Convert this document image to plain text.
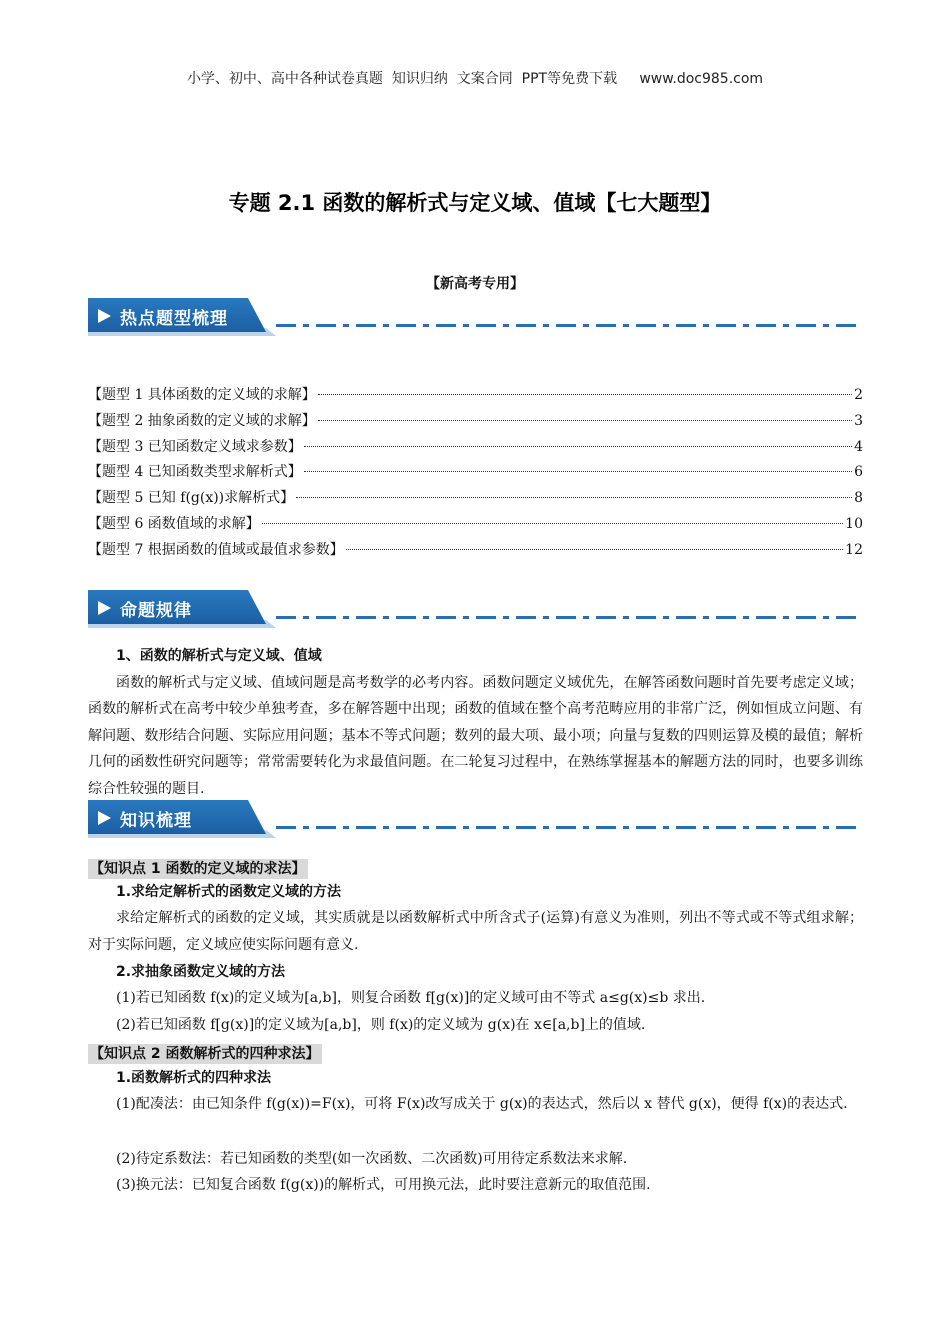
小学、初中、高中各种试卷真题  知识归纳  文案合同  PPT等免费下载     www.doc985.com
专题 2.1 函数的解析式与定义域、值域【七大题型】
【新高考专用】
热点题型梳理
【题型 1 具体函数的定义域的求解】	2
【题型 2 抽象函数的定义域的求解】	3
【题型 3 已知函数定义域求参数】	4
【题型 4 已知函数类型求解析式】	6
【题型 5 已知 f(g(x))求解析式】	8
【题型 6 函数值域的求解】	10
【题型 7 根据函数的值域或最值求参数】	12
命题规律

1、函数的解析式与定义域、值域

函数的解析式与定义域、值域问题是高考数学的必考内容。函数问题定义域优先，在解答函数问题时首先要考虑定义域；函数的解析式在高考中较少单独考查，多在解答题中出现；函数的值域在整个高考范畴应用的非常广泛，例如恒成立问题、有解问题、数形结合问题、实际应用问题；基本不等式问题；数列的最大项、最小项；向量与复数的四则运算及模的最值；解析几何的函数性研究问题等；常常需要转化为求最值问题。在二轮复习过程中，在熟练掌握基本的解题方法的同时，也要多训练综合性较强的题目.

知识梳理
【知识点 1 函数的定义域的求法】
1.求给定解析式的函数定义域的方法

求给定解析式的函数的定义域，其实质就是以函数解析式中所含式子(运算)有意义为准则，列出不等式或不等式组求解；对于实际问题，定义域应使实际问题有意义.

2.求抽象函数定义域的方法
(1)若已知函数 f(x)的定义域为[a,b]，则复合函数 f[g(x)]的定义域可由不等式 a≤g(x)≤b 求出.
(2)若已知函数 f[g(x)]的定义域为[a,b]，则 f(x)的定义域为 g(x)在 x∈[a,b]上的值域.
【知识点 2 函数解析式的四种求法】
1.函数解析式的四种求法

(1)配凑法：由已知条件 f(g(x))=F(x)，可将 F(x)改写成关于 g(x)的表达式，然后以 x 替代 g(x)，便得 f(x)的表达式.

(2)待定系数法：若已知函数的类型(如一次函数、二次函数)可用待定系数法来求解.
(3)换元法：已知复合函数 f(g(x))的解析式，可用换元法，此时要注意新元的取值范围.
